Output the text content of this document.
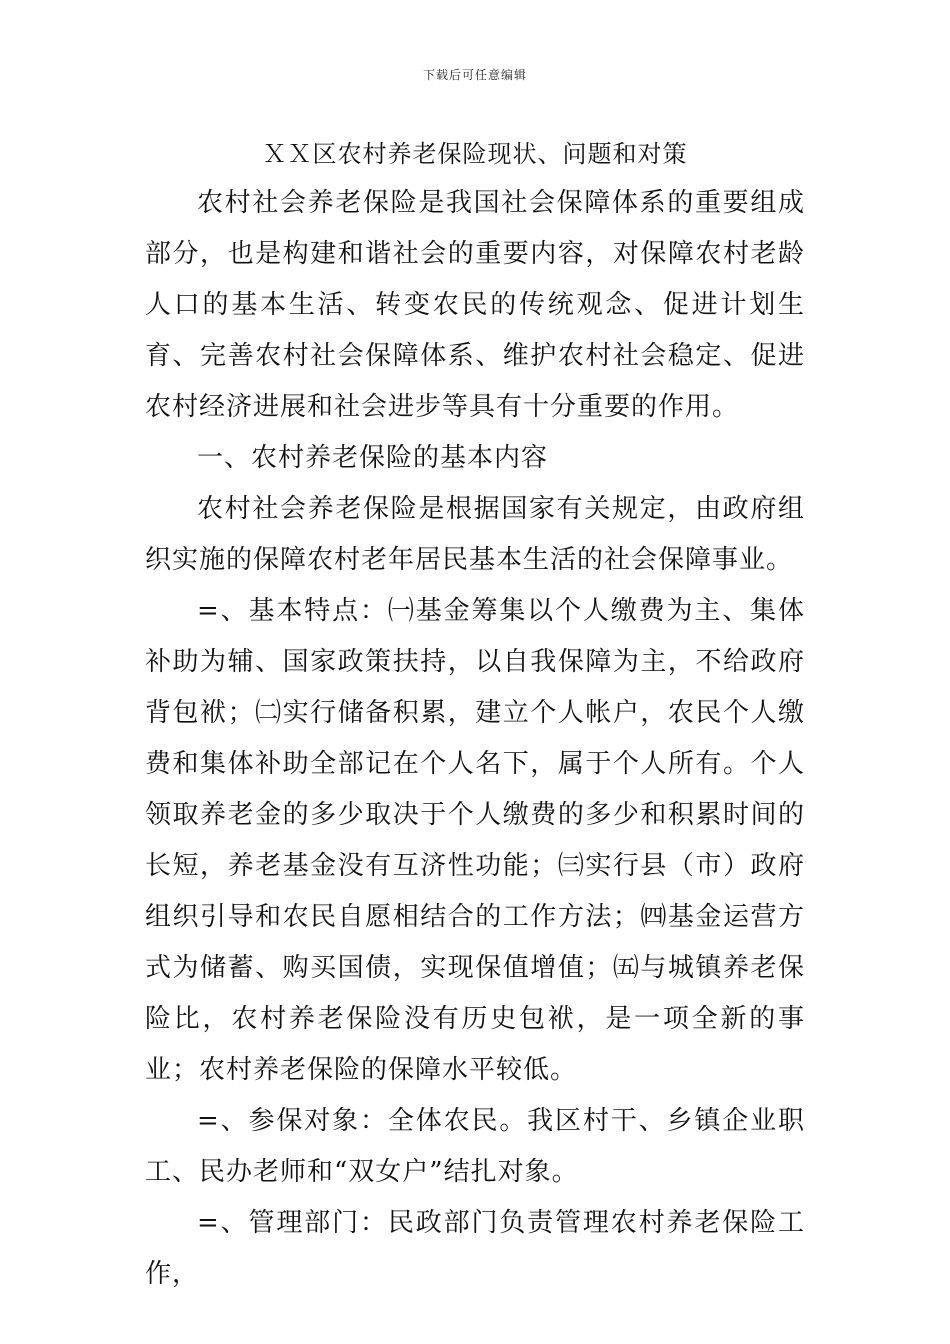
下载后可任意编辑
ＸＸ区农村养老保险现状、问题和对策

农村社会养老保险是我国社会保障体系的重要组成部分，也是构建和谐社会的重要内容，对保障农村老龄人口的基本生活、转变农民的传统观念、促进计划生育、完善农村社会保障体系、维护农村社会稳定、促进农村经济进展和社会进步等具有十分重要的作用。

一、农村养老保险的基本内容

农村社会养老保险是根据国家有关规定，由政府组织实施的保障农村老年居民基本生活的社会保障事业。

=、基本特点：㈠基金筹集以个人缴费为主、集体补助为辅、国家政策扶持，以自我保障为主，不给政府背包袱；㈡实行储备积累，建立个人帐户，农民个人缴费和集体补助全部记在个人名下，属于个人所有。个人领取养老金的多少取决于个人缴费的多少和积累时间的长短，养老基金没有互济性功能；㈢实行县（市）政府组织引导和农民自愿相结合的工作方法；㈣基金运营方式为储蓄、购买国债，实现保值增值；㈤与城镇养老保险比，农村养老保险没有历史包袱，是一项全新的事业；农村养老保险的保障水平较低。

=、参保对象：全体农民。我区村干、乡镇企业职工、民办老师和“双女户”结扎对象。

=、管理部门：民政部门负责管理农村养老保险工作，
